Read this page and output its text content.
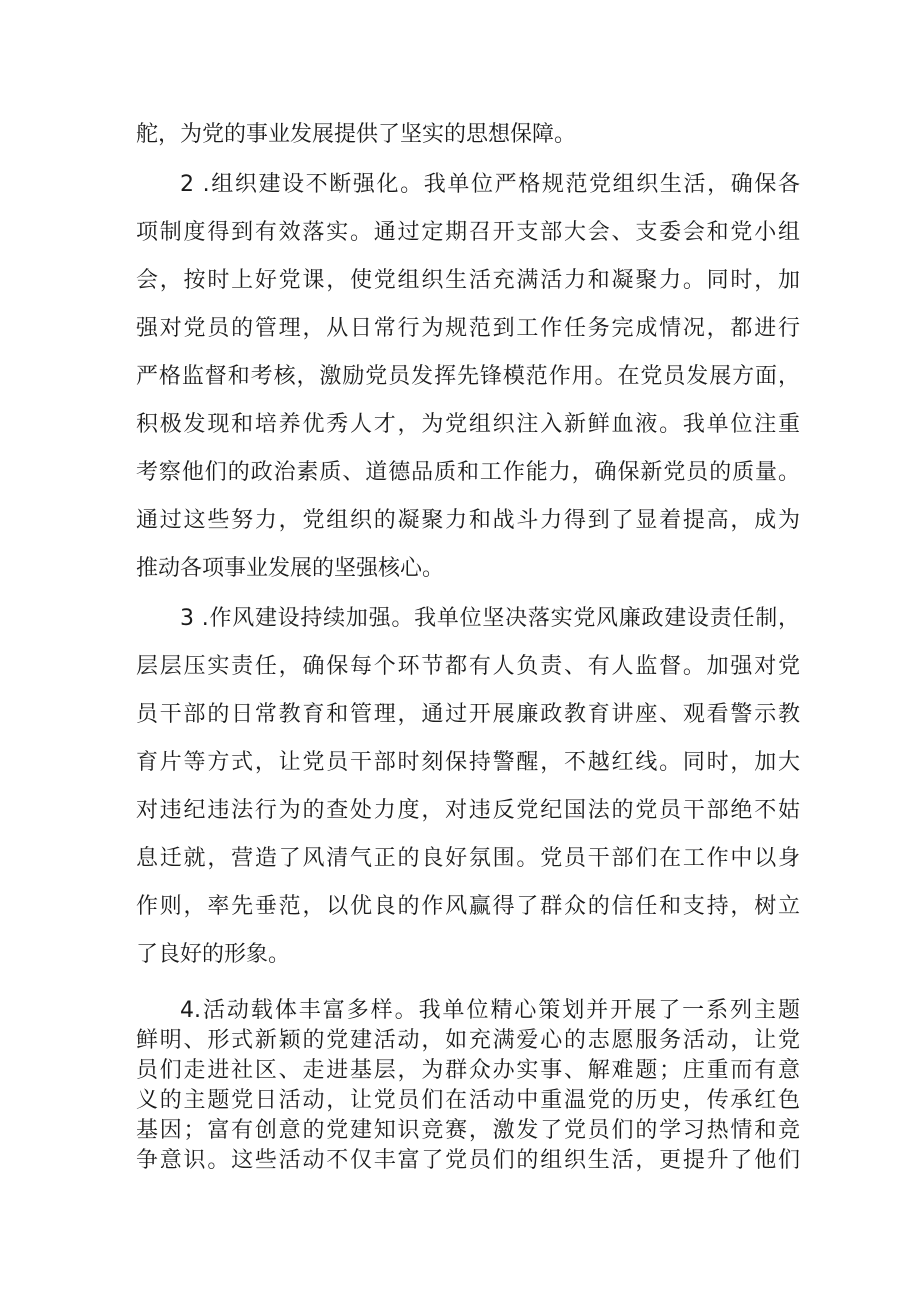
舵，为党的事业发展提供了坚实的思想保障。
2 .组织建设不断强化。我单位严格规范党组织生活，确保各
项制度得到有效落实。通过定期召开支部大会、支委会和党小组
会，按时上好党课，使党组织生活充满活力和凝聚力。同时，加
强对党员的管理，从日常行为规范到工作任务完成情况，都进行
严格监督和考核，激励党员发挥先锋模范作用。在党员发展方面，
积极发现和培养优秀人才，为党组织注入新鲜血液。我单位注重
考察他们的政治素质、道德品质和工作能力，确保新党员的质量。
通过这些努力，党组织的凝聚力和战斗力得到了显着提高，成为
推动各项事业发展的坚强核心。
3 .作风建设持续加强。我单位坚决落实党风廉政建设责任制，
层层压实责任，确保每个环节都有人负责、有人监督。加强对党
员干部的日常教育和管理，通过开展廉政教育讲座、观看警示教
育片等方式，让党员干部时刻保持警醒，不越红线。同时，加大
对违纪违法行为的查处力度，对违反党纪国法的党员干部绝不姑
息迁就，营造了风清气正的良好氛围。党员干部们在工作中以身
作则，率先垂范，以优良的作风赢得了群众的信任和支持，树立
了良好的形象。
4.活动载体丰富多样。我单位精心策划并开展了一系列主题
鲜明、形式新颖的党建活动，如充满爱心的志愿服务活动，让党
员们走进社区、走进基层，为群众办实事、解难题；庄重而有意
义的主题党日活动，让党员们在活动中重温党的历史，传承红色
基因；富有创意的党建知识竞赛，激发了党员们的学习热情和竞
争意识。这些活动不仅丰富了党员们的组织生活，更提升了他们
